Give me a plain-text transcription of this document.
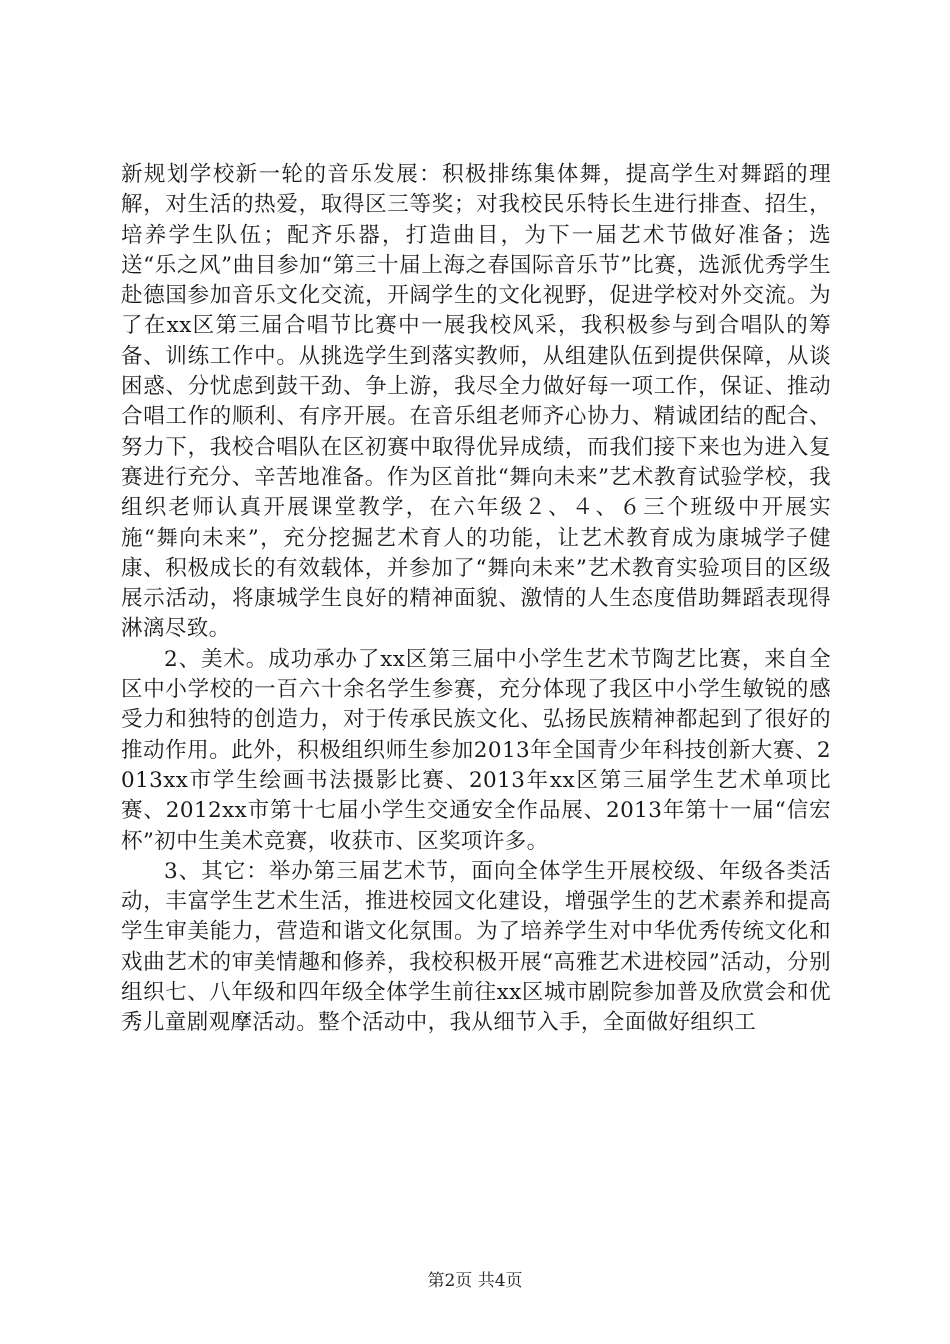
新规划学校新一轮的音乐发展：积极排练集体舞，提高学生对舞蹈的理解，对生活的热爱，取得区三等奖；对我校民乐特长生进行排查、招生，培养学生队伍；配齐乐器，打造曲目，为下一届艺术节做好准备；选送“乐之风”曲目参加“第三十届上海之春国际音乐节”比赛，选派优秀学生赴德国参加音乐文化交流，开阔学生的文化视野，促进学校对外交流。为了在xx区第三届合唱节比赛中一展我校风采，我积极参与到合唱队的筹备、训练工作中。从挑选学生到落实教师，从组建队伍到提供保障，从谈困惑、分忧虑到鼓干劲、争上游，我尽全力做好每一项工作，保证、推动合唱工作的顺利、有序开展。在音乐组老师齐心协力、精诚团结的配合、努力下，我校合唱队在区初赛中取得优异成绩，而我们接下来也为进入复赛进行充分、辛苦地准备。作为区首批“舞向未来”艺术教育试验学校，我组织老师认真开展课堂教学，在六年级２、４、６三个班级中开展实施“舞向未来”，充分挖掘艺术育人的功能，让艺术教育成为康城学子健康、积极成长的有效载体，并参加了“舞向未来”艺术教育实验项目的区级展示活动，将康城学生良好的精神面貌、激情的人生态度借助舞蹈表现得淋漓尽致。

2、美术。成功承办了xx区第三届中小学生艺术节陶艺比赛，来自全区中小学校的一百六十余名学生参赛，充分体现了我区中小学生敏锐的感受力和独特的创造力，对于传承民族文化、弘扬民族精神都起到了很好的推动作用。此外，积极组织师生参加2013年全国青少年科技创新大赛、2013xx市学生绘画书法摄影比赛、2013年xx区第三届学生艺术单项比赛、2012xx市第十七届小学生交通安全作品展、2013年第十一届“信宏杯”初中生美术竞赛，收获市、区奖项许多。

3、其它：举办第三届艺术节，面向全体学生开展校级、年级各类活动，丰富学生艺术生活，推进校园文化建设，增强学生的艺术素养和提高学生审美能力，营造和谐文化氛围。为了培养学生对中华优秀传统文化和戏曲艺术的审美情趣和修养，我校积极开展“高雅艺术进校园”活动，分别组织七、八年级和四年级全体学生前往xx区城市剧院参加普及欣赏会和优秀儿童剧观摩活动。整个活动中，我从细节入手，全面做好组织工

第2页 共4页
